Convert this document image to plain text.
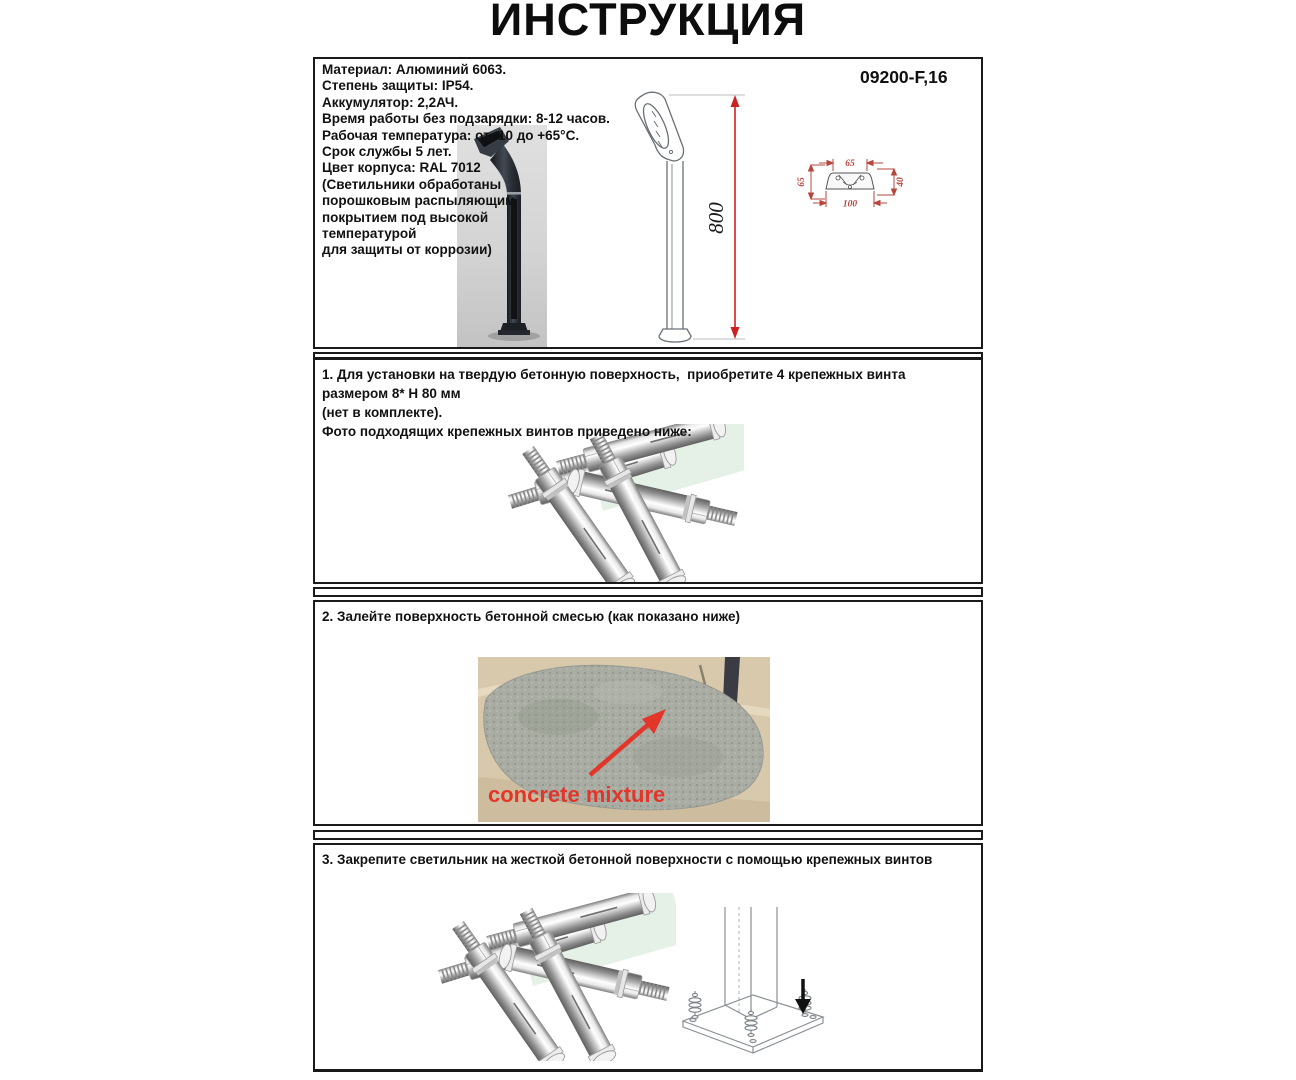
ИНСТРУКЦИЯ
Материал: Алюминий 6063.
Степень защиты: IP54.
Аккумулятор: 2,2АЧ.
Время работы без подзарядки: 8-12 часов.
Рабочая температура: от -10 до +65°C.
Срок службы 5 лет.
Цвет корпуса: RAL 7012
(Светильники обработаны
порошковым распыляющим
покрытием под высокой
температурой
для защиты от коррозии)
09200-F,16
800
65
100
65	40
1. Для установки на твердую бетонную поверхность,  приобретите 4 крепежных винта размером 8* Н 80 мм
(нет в комплекте).
Фото подходящих крепежных винтов приведено ниже:
2. Залейте поверхность бетонной смесью (как показано ниже)
concrete mixture
3. Закрепите светильник на жесткой бетонной поверхности с помощью крепежных винтов
